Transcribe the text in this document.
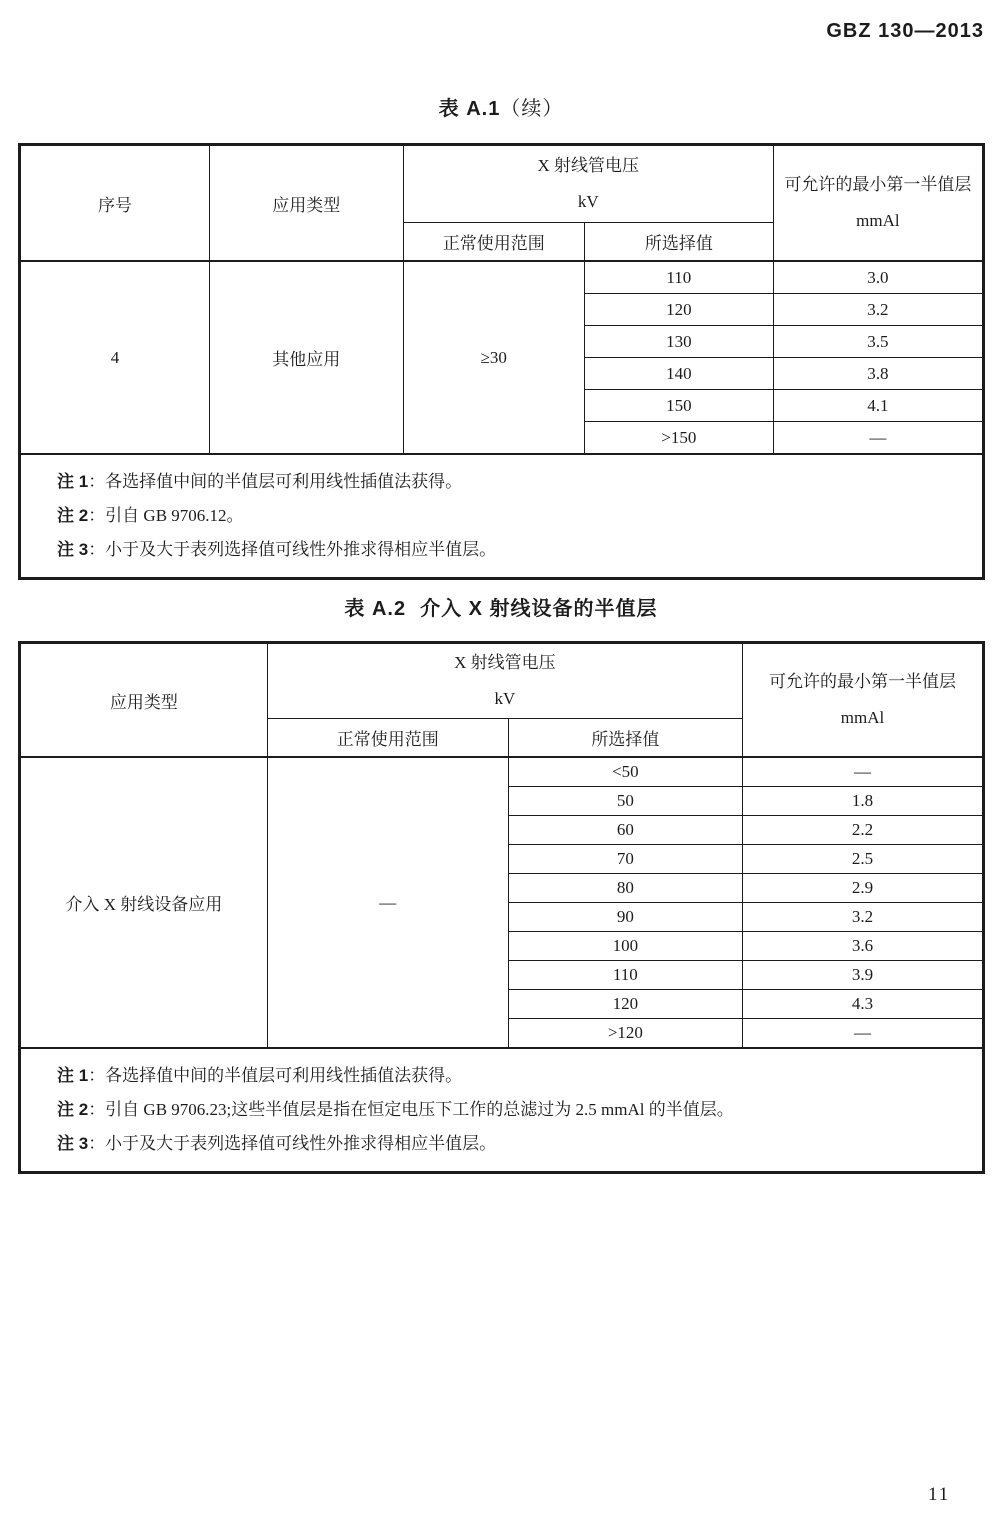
GBZ 130—2013
表 A.1（续）
序号	应用类型	X 射线管电压
kV		可允许的最小第一半值层
mmAl

		正常使用范围	所选择值	
4	其他应用	≥30	110	3.0
			120	3.2
			130	3.5
			140	3.8
			150	4.1
			>150	—

注 1：各选择值中间的半值层可利用线性插值法获得。
注 2：引自 GB 9706.12。
注 3：小于及大于表列选择值可线性外推求得相应半值层。				
表 A.2 介入 X 射线设备的半值层
应用类型	X 射线管电压
kV		可允许的最小第一半值层
mmAl

	正常使用范围	所选择值	
介入 X 射线设备应用	—	<50	—
		50	1.8
		60	2.2
		70	2.5
		80	2.9
		90	3.2
		100	3.6
		110	3.9
		120	4.3
		>120	—

注 1：各选择值中间的半值层可利用线性插值法获得。
注 2：引自 GB 9706.23;这些半值层是指在恒定电压下工作的总滤过为 2.5 mmAl 的半值层。
注 3：小于及大于表列选择值可线性外推求得相应半值层。			
11
